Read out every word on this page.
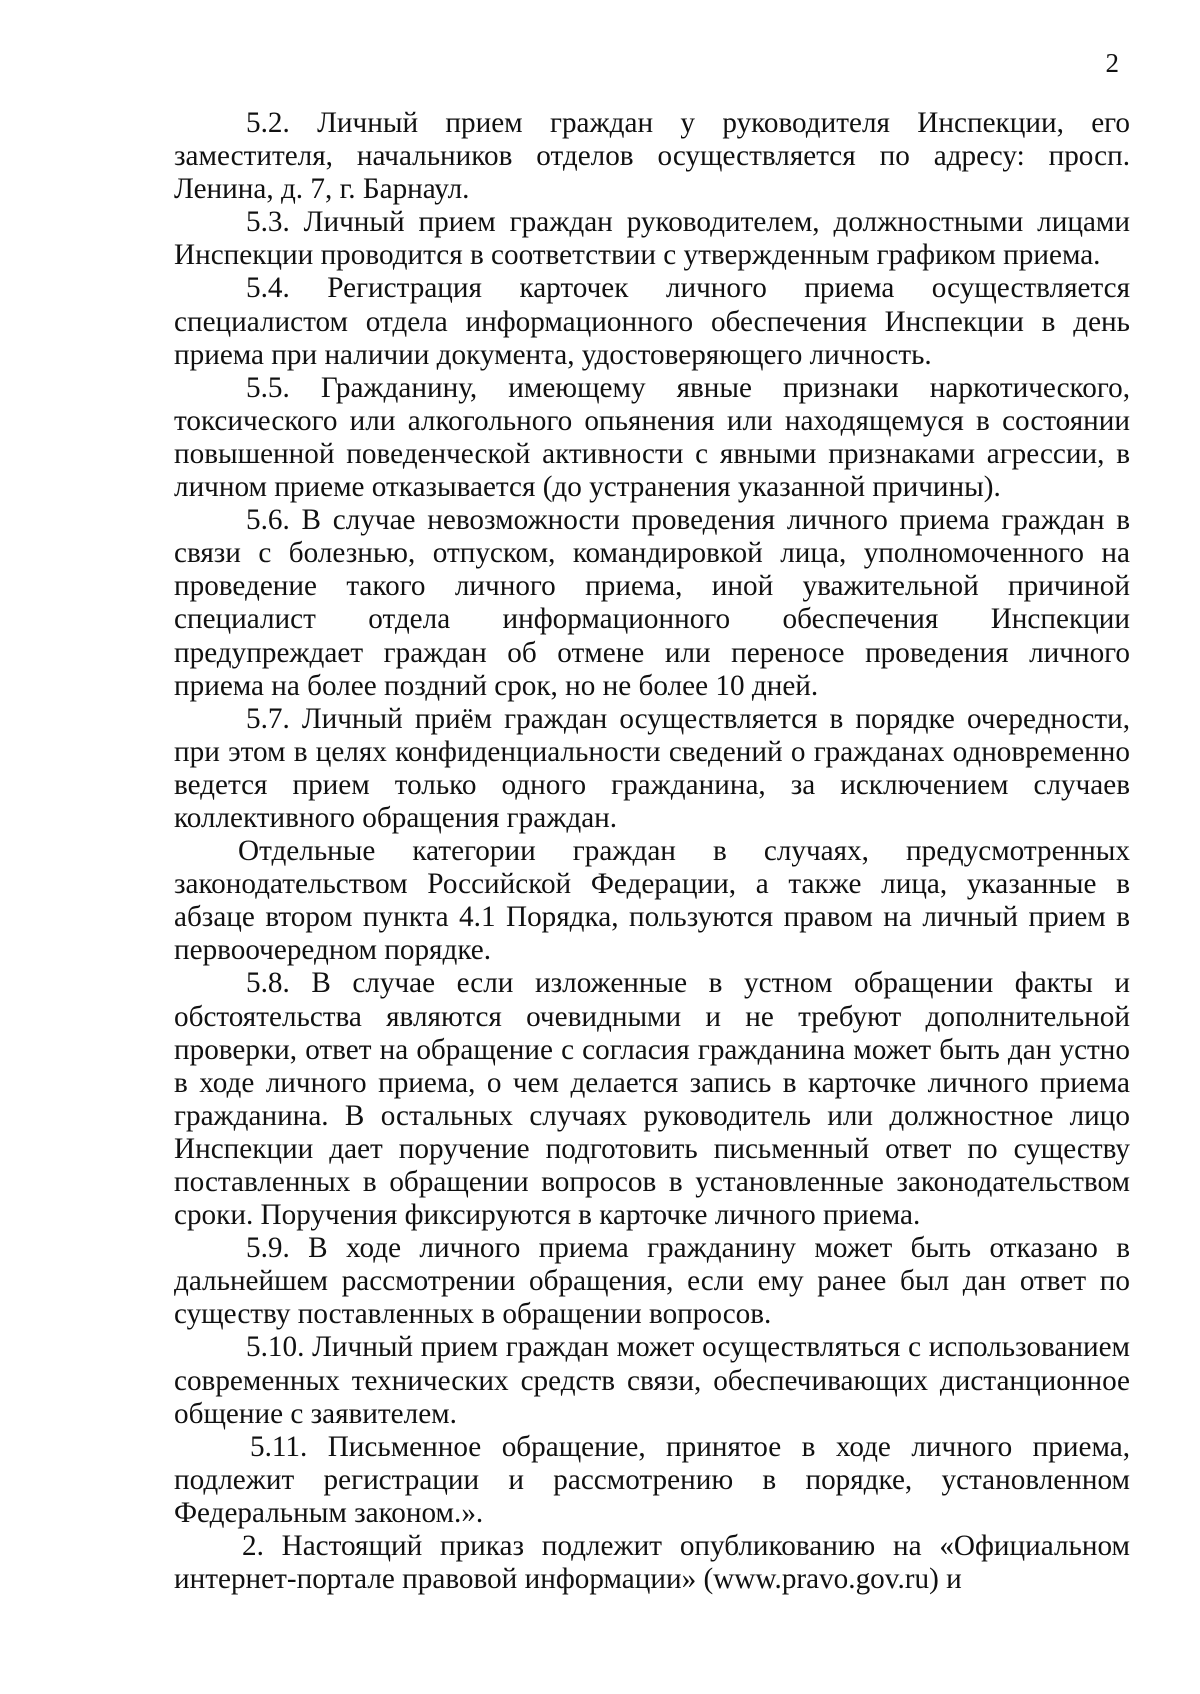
2

5.2. Личный прием граждан у руководителя Инспекции, его заместителя, начальников отделов осуществляется по адресу: просп. Ленина, д. 7, г. Барнаул.

5.3. Личный прием граждан руководителем, должностными лицами Инспекции проводится в соответствии с утвержденным графиком приема.

5.4. Регистрация карточек личного приема осуществляется специалистом отдела информационного обеспечения Инспекции в день приема при наличии документа, удостоверяющего личность.

5.5. Гражданину, имеющему явные признаки наркотического, токсического или алкогольного опьянения или находящемуся в состоянии повышенной поведенческой активности с явными признаками агрессии, в личном приеме отказывается (до устранения указанной причины).

5.6. В случае невозможности проведения личного приема граждан в связи с болезнью, отпуском, командировкой лица, уполномоченного на проведение такого личного приема, иной уважительной причиной специалист отдела информационного обеспечения Инспекции предупреждает граждан об отмене или переносе проведения личного приема на более поздний срок, но не более 10 дней.

5.7. Личный приём граждан осуществляется в порядке очередности, при этом в целях конфиденциальности сведений о гражданах одновременно ведется прием только одного гражданина, за исключением случаев коллективного обращения граждан.

Отдельные категории граждан в случаях, предусмотренных законодательством Российской Федерации, а также лица, указанные в абзаце втором пункта 4.1 Порядка, пользуются правом на личный прием в первоочередном порядке.

5.8. В случае если изложенные в устном обращении факты и обстоятельства являются очевидными и не требуют дополнительной проверки, ответ на обращение с согласия гражданина может быть дан устно в ходе личного приема, о чем делается запись в карточке личного приема гражданина. В остальных случаях руководитель или должностное лицо Инспекции дает поручение подготовить письменный ответ по существу поставленных в обращении вопросов в установленные законодательством сроки. Поручения фиксируются в карточке личного приема.

5.9. В ходе личного приема гражданину может быть отказано в дальнейшем рассмотрении обращения, если ему ранее был дан ответ по существу поставленных в обращении вопросов.

5.10. Личный прием граждан может осуществляться с использованием современных технических средств связи, обеспечивающих дистанционное общение с заявителем.

5.11. Письменное обращение, принятое в ходе личного приема, подлежит регистрации и рассмотрению в порядке, установленном Федеральным законом.».

2. Настоящий приказ подлежит опубликованию на «Официальном интернет-портале правовой информации» (www.pravo.gov.ru) и
